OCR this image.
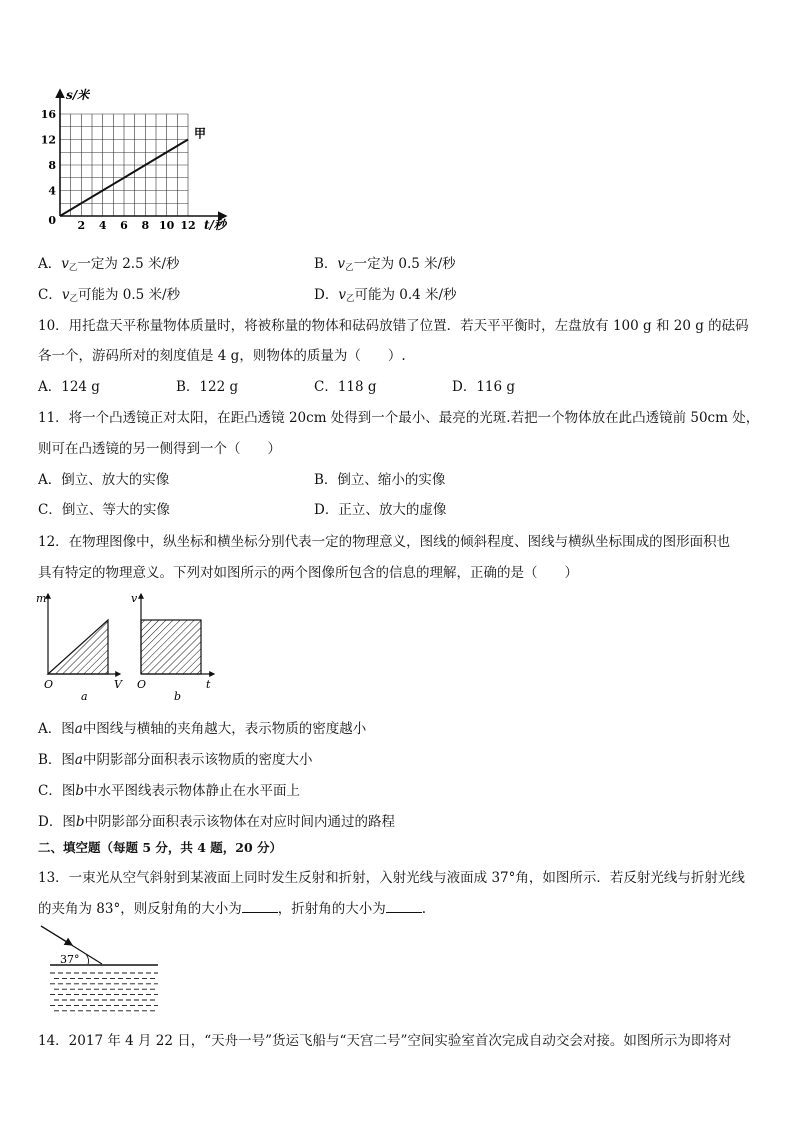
16
12
8
4
0 2 4 6 8 10 12
s/米
t/秒
甲
A．$v_乙$一定为 2.5 米/秒	B．$v_乙$一定为 0.5 米/秒
C．$v_乙$可能为 0.5 米/秒	D．$v_乙$可能为 0.4 米/秒
10．用托盘天平称量物体质量时，将被称量的物体和砝码放错了位置．若天平平衡时，左盘放有 100 g 和 20 g 的砝码
各一个，游码所对的刻度值是 4 g，则物体的质量为（　　）.
A．124 g	B．122 g	C．118 g	D．116 g
11．将一个凸透镜正对太阳，在距凸透镜 20cm 处得到一个最小、最亮的光斑.若把一个物体放在此凸透镜前 50cm 处，
则可在凸透镜的另一侧得到一个（　　）
A．倒立、放大的实像	B．倒立、缩小的实像
C．倒立、等大的实像	D．正立、放大的虚像
12．在物理图像中，纵坐标和横坐标分别代表一定的物理意义，图线的倾斜程度、图线与横纵坐标围成的图形面积也
具有特定的物理意义。下列对如图所示的两个图像所包含的信息的理解，正确的是（　　）
m
V
O
a
v
t
O
b
A．图a中图线与横轴的夹角越大，表示物质的密度越小
B．图a中阴影部分面积表示该物质的密度大小
C．图b中水平图线表示物体静止在水平面上
D．图b中阴影部分面积表示该物体在对应时间内通过的路程
二、填空题（每题 5 分，共 4 题，20 分）
13．一束光从空气斜射到某液面上同时发生反射和折射，入射光线与液面成 37°角，如图所示．若反射光线与折射光线
的夹角为 83°，则反射角的大小为	，折射角的大小为	.
37°
14．2017 年 4 月 22 日，“天舟一号”货运飞船与“天宫二号”空间实验室首次完成自动交会对接。如图所示为即将对
